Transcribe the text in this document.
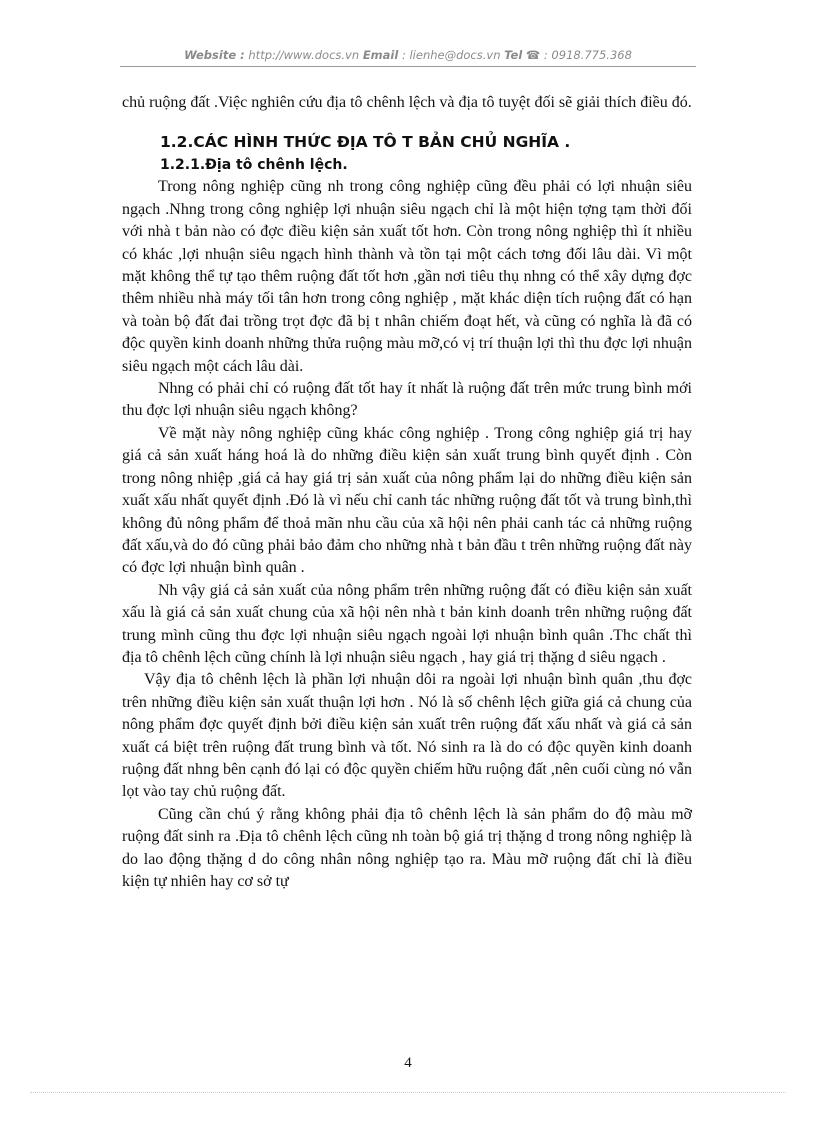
Website : http://www.docs.vn Email : lienhe@docs.vn Tel ☎ : 0918.775.368

chủ ruộng đất .Việc nghiên cứu địa tô chênh lệch và địa tô tuyệt đối sẽ giải thích điều đó.

1.2.CÁC HÌNH THỨC ĐỊA TÔ T BẢN CHỦ NGHĨA .
1.2.1.Địa tô chênh lệch.

Trong nông nghiệp cũng nh trong công nghiệp cũng đều phải có lợi nhuận siêu ngạch .Nhng trong công nghiệp lợi nhuận siêu ngạch chỉ là một hiện tợng tạm thời đối với nhà t bản nào có đợc điều kiện sản xuất tốt hơn. Còn trong nông nghiệp thì ít nhiều có khác ,lợi nhuận siêu ngạch hình thành và tồn tại một cách tơng đối lâu dài. Vì một mặt không thể tự tạo thêm ruộng đất tốt hơn ,gần nơi tiêu thụ nhng có thể xây dựng đợc thêm nhiều nhà máy tối tân hơn trong công nghiệp , mặt khác diện tích ruộng đất có hạn và toàn bộ đất đai trồng trọt đợc đã bị t nhân chiếm đoạt hết, và cũng có nghĩa là đã có độc quyền kinh doanh những thửa ruộng màu mỡ,có vị trí thuận lợi thì thu đợc lợi nhuận siêu ngạch một cách lâu dài.

Nhng có phải chỉ có ruộng đất tốt hay ít nhất là ruộng đất trên mức trung bình mới thu đợc lợi nhuận siêu ngạch không?

Về mặt này nông nghiệp cũng khác công nghiệp . Trong công nghiệp giá trị hay giá cả sản xuất háng hoá là do những điều kiện sản xuất trung bình quyết định . Còn trong nông nhiệp ,giá cả hay giá trị sản xuất của nông phẩm lại do những điều kiện sản xuất xấu nhất quyết định .Đó là vì nếu chỉ canh tác những ruộng đất tốt và trung bình,thì không đủ nông phẩm để thoả mãn nhu cầu của xã hội nên phải canh tác cả những ruộng đất xấu,và do đó cũng phải bảo đảm cho những nhà t bản đầu t trên những ruộng đất này có đợc lợi nhuận bình quân .

Nh vậy giá cả sản xuất của nông phẩm trên những ruộng đất có điều kiện sản xuất xấu là giá cả sản xuất chung của xã hội nên nhà t bản kinh doanh trên những ruộng đất trung mình cũng thu đợc lợi nhuận siêu ngạch ngoài lợi nhuận bình quân .Thc chất thì địa tô chênh lệch cũng chính là lợi nhuận siêu ngạch , hay giá trị thặng d siêu ngạch .

Vậy địa tô chênh lệch là phần lợi nhuận dôi ra ngoài lợi nhuận bình quân ,thu đợc trên những điều kiện sản xuất thuận lợi hơn . Nó là số chênh lệch giữa giá cả chung của nông phẩm đợc quyết định bởi điều kiện sản xuất trên ruộng đất xấu nhất và giá cả sản xuất cá biệt trên ruộng đất trung bình và tốt. Nó sinh ra là do có độc quyền kinh doanh ruộng đất nhng bên cạnh đó lại có độc quyền chiếm hữu ruộng đất ,nên cuối cùng nó vẫn lọt vào tay chủ ruộng đất.

Cũng cần chú ý rằng không phải địa tô chênh lệch là sản phẩm do độ màu mỡ ruộng đất sinh ra .Địa tô chênh lệch cũng nh toàn bộ giá trị thặng d trong nông nghiệp là do lao động thặng d do công nhân nông nghiệp tạo ra. Màu mỡ ruộng đất chỉ là điều kiện tự nhiên hay cơ sở tự

4
